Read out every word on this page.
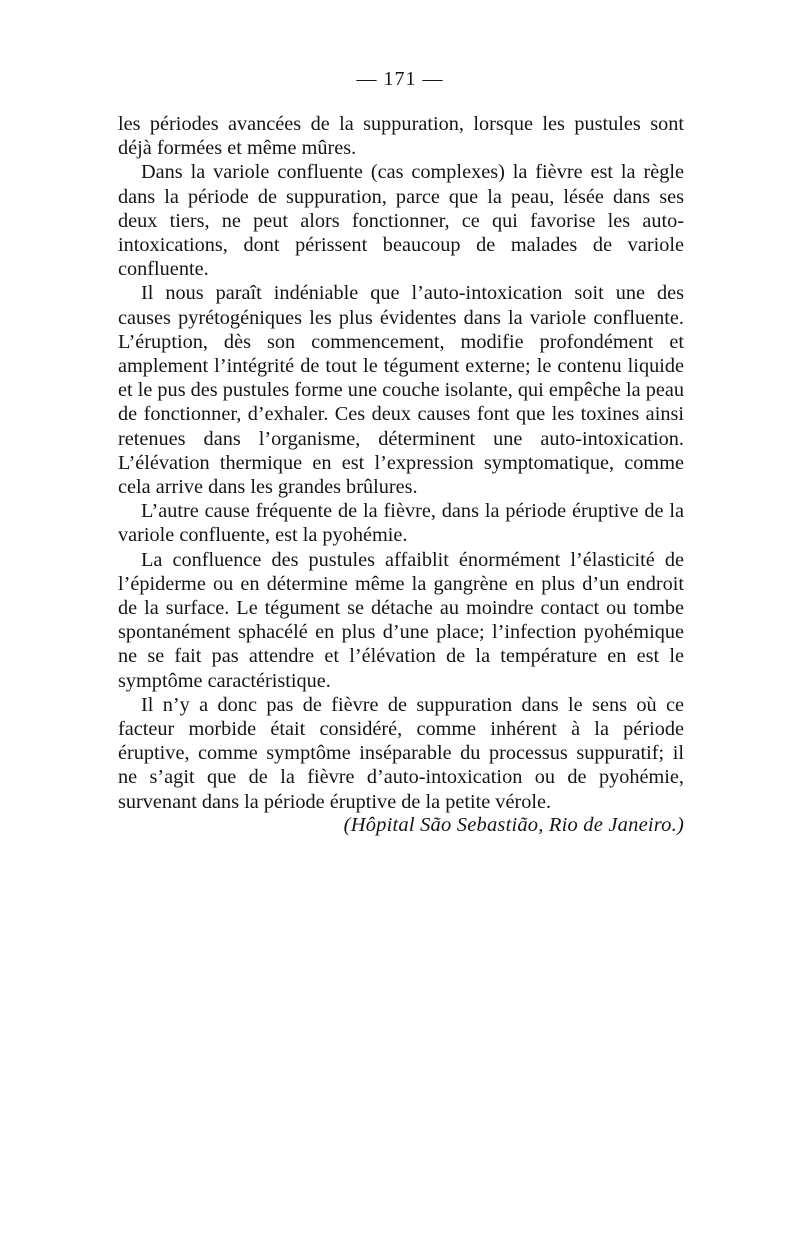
— 171 —

les périodes avancées de la suppuration, lorsque les pustules sont déjà formées et même mûres.

Dans la variole confluente (cas complexes) la fièvre est la règle dans la période de suppuration, parce que la peau, lésée dans ses deux tiers, ne peut alors fonctionner, ce qui favorise les auto-intoxications, dont périssent beaucoup de malades de variole confluente.

Il nous paraît indéniable que l’auto-intoxication soit une des causes pyrétogéniques les plus évidentes dans la variole confluente. L’éruption, dès son commencement, modifie profondément et amplement l’intégrité de tout le tégument externe; le contenu liquide et le pus des pustules forme une couche isolante, qui empêche la peau de fonctionner, d’exhaler. Ces deux causes font que les toxines ainsi retenues dans l’organisme, déterminent une auto-intoxication. L’élévation thermique en est l’expression symptomatique, comme cela arrive dans les grandes brûlures.

L’autre cause fréquente de la fièvre, dans la période éruptive de la variole confluente, est la pyohémie.

La confluence des pustules affaiblit énormément l’élasticité de l’épiderme ou en détermine même la gangrène en plus d’un endroit de la surface. Le tégument se détache au moindre contact ou tombe spontanément sphacélé en plus d’une place; l’infection pyohémique ne se fait pas attendre et l’élévation de la température en est le symptôme caractéristique.

Il n’y a donc pas de fièvre de suppuration dans le sens où ce facteur morbide était considéré, comme inhérent à la période éruptive, comme symptôme inséparable du processus suppuratif; il ne s’agit que de la fièvre d’auto-intoxication ou de pyohémie, survenant dans la période éruptive de la petite vérole.

(Hôpital São Sebastião, Rio de Janeiro.)
